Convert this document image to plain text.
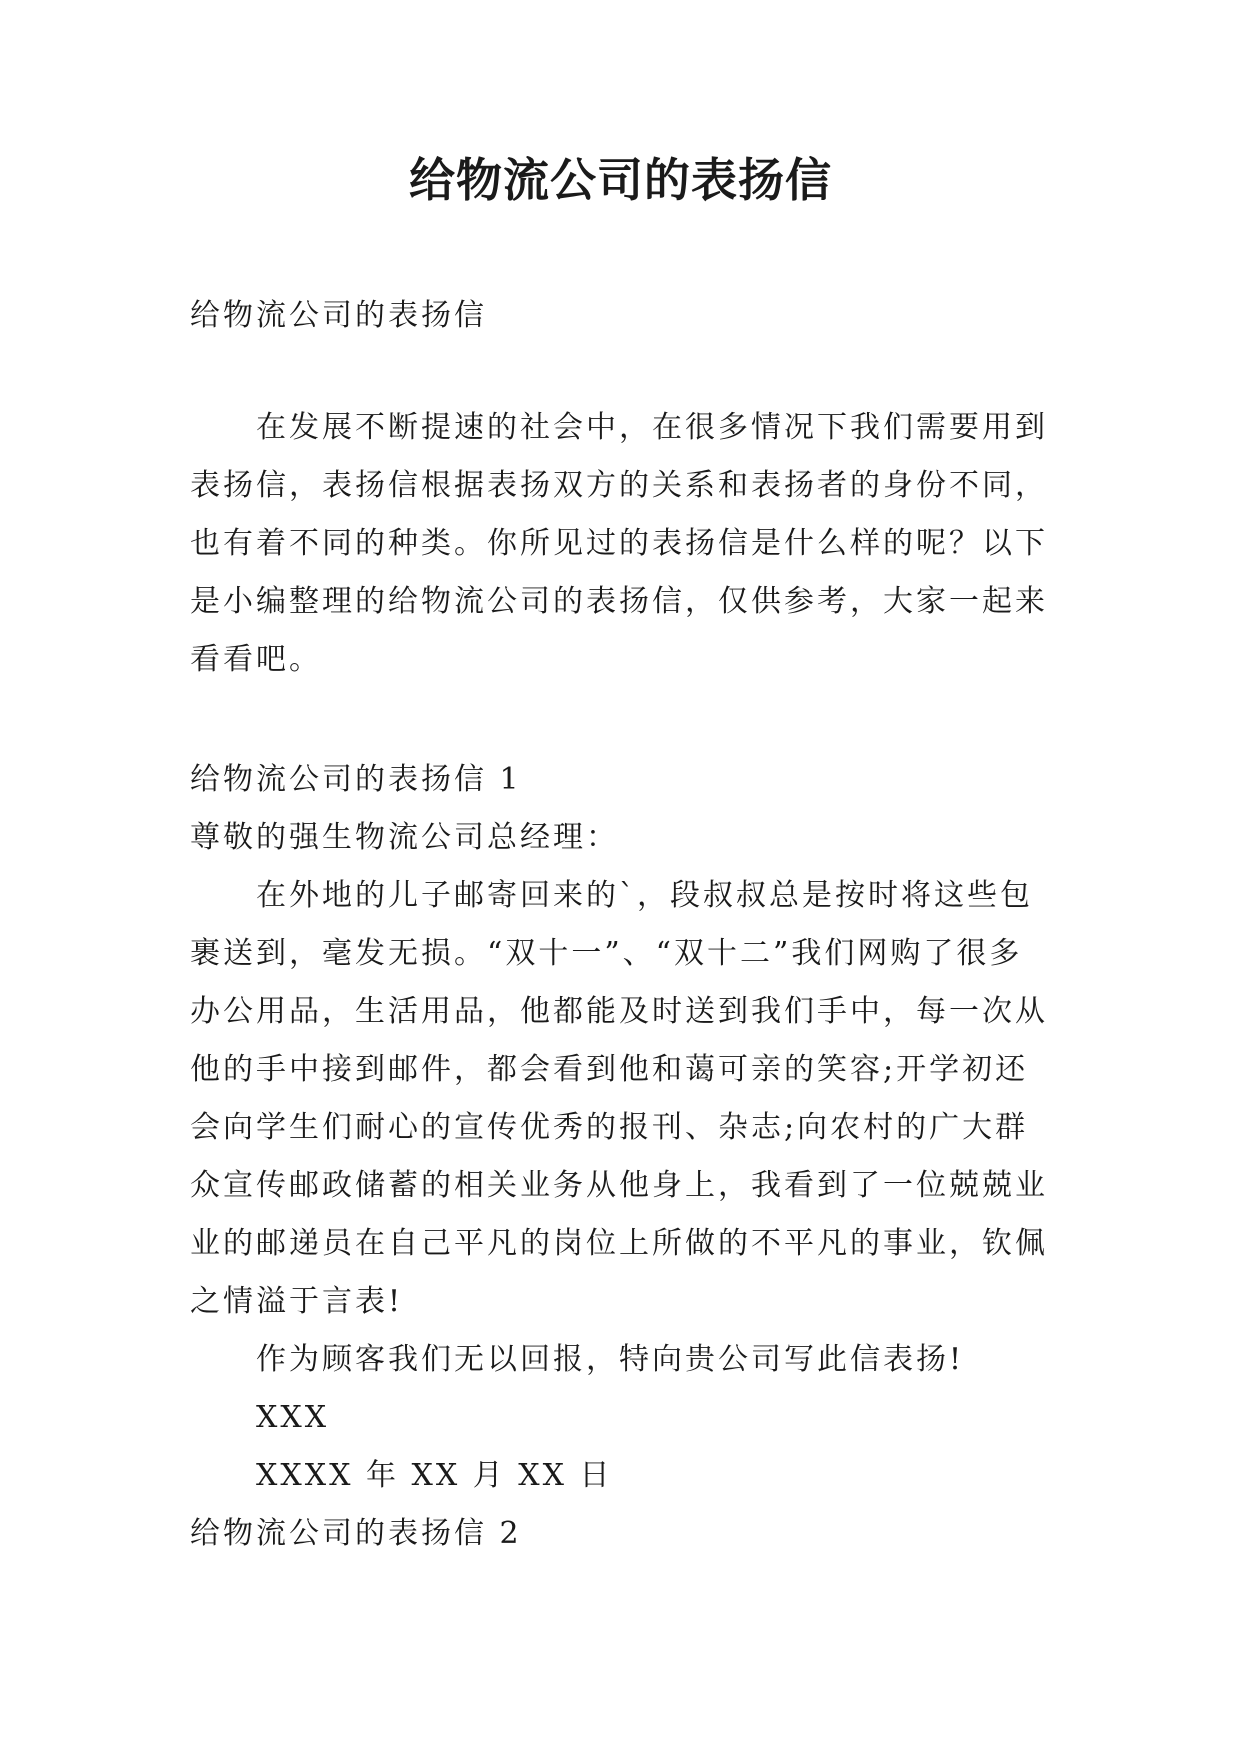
给物流公司的表扬信
给物流公司的表扬信
在发展不断提速的社会中，在很多情况下我们需要用到
表扬信，表扬信根据表扬双方的关系和表扬者的身份不同，
也有着不同的种类。你所见过的表扬信是什么样的呢？以下
是小编整理的给物流公司的表扬信，仅供参考，大家一起来
看看吧。
给物流公司的表扬信 1
尊敬的强生物流公司总经理：
在外地的儿子邮寄回来的`，段叔叔总是按时将这些包
裹送到，毫发无损。“双十一”、“双十二”我们网购了很多
办公用品，生活用品，他都能及时送到我们手中，每一次从
他的手中接到邮件，都会看到他和蔼可亲的笑容;开学初还
会向学生们耐心的宣传优秀的报刊、杂志;向农村的广大群
众宣传邮政储蓄的相关业务从他身上，我看到了一位兢兢业
业的邮递员在自己平凡的岗位上所做的不平凡的事业，钦佩
之情溢于言表!
作为顾客我们无以回报，特向贵公司写此信表扬!
XXX
XXXX 年 XX 月 XX 日
给物流公司的表扬信 2
